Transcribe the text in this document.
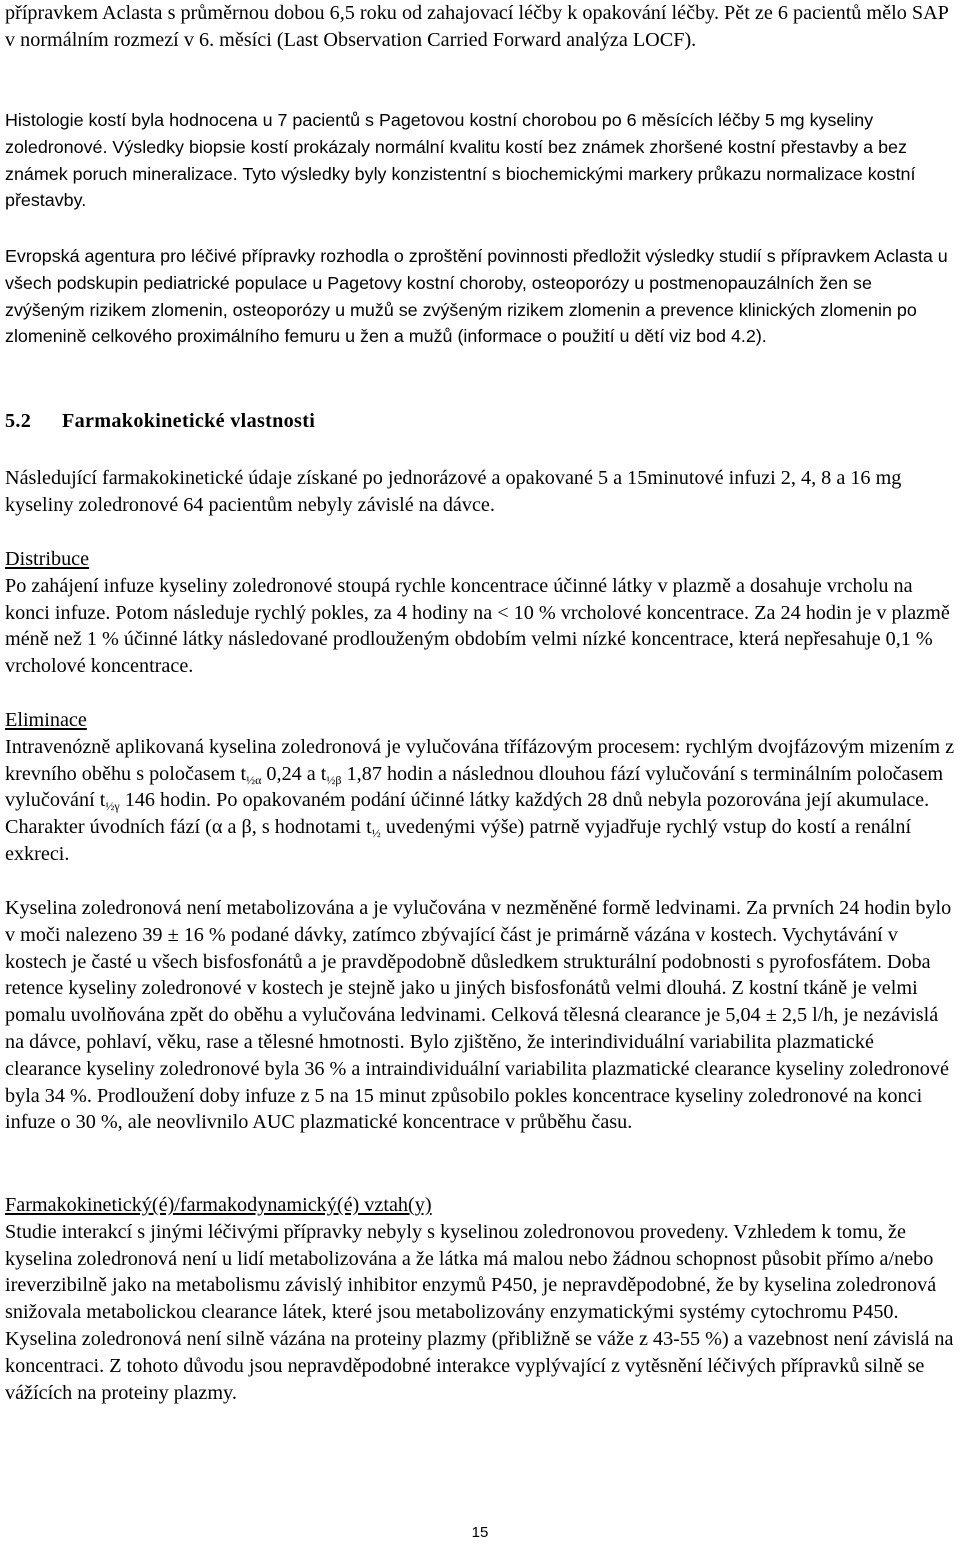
přípravkem Aclasta s průměrnou dobou 6,5 roku od zahajovací léčby k opakování léčby. Pět ze 6 pacientů mělo SAP v normálním rozmezí v 6. měsíci (Last Observation Carried Forward analýza LOCF).

Histologie kostí byla hodnocena u 7 pacientů s Pagetovou kostní chorobou po 6 měsících léčby 5 mg kyseliny zoledronové. Výsledky biopsie kostí prokázaly normální kvalitu kostí bez známek zhoršené kostní přestavby a bez známek poruch mineralizace. Tyto výsledky byly konzistentní s biochemickými markery průkazu normalizace kostní přestavby.

Evropská agentura pro léčivé přípravky rozhodla o zproštění povinnosti předložit výsledky studií s přípravkem Aclasta u všech podskupin pediatrické populace u Pagetovy kostní choroby, osteoporózy u postmenopauzálních žen se zvýšeným rizikem zlomenin, osteoporózy u mužů se zvýšeným rizikem zlomenin a prevence klinických zlomenin po zlomenině celkového proximálního femuru u žen a mužů (informace o použití u dětí viz bod 4.2).

5.2 Farmakokinetické vlastnosti

Následující farmakokinetické údaje získané po jednorázové a opakované 5 a 15minutové infuzi 2, 4, 8 a 16 mg kyseliny zoledronové 64 pacientům nebyly závislé na dávce.

Distribuce
Po zahájení infuze kyseliny zoledronové stoupá rychle koncentrace účinné látky v plazmě a dosahuje vrcholu na konci infuze. Potom následuje rychlý pokles, za 4 hodiny na < 10 % vrcholové koncentrace. Za 24 hodin je v plazmě méně než 1 % účinné látky následované prodlouženým obdobím velmi nízké koncentrace, která nepřesahuje 0,1 % vrcholové koncentrace.
Eliminace
Intravenózně aplikovaná kyselina zoledronová je vylučována třífázovým procesem: rychlým dvojfázovým mizením z krevního oběhu s poločasem $t_{\frac{1}{2}\alpha}$ 0,24 a $t_{\frac{1}{2}\beta}$ 1,87 hodin a následnou dlouhou fází vylučování s terminálním poločasem vylučování $t_{\frac{1}{2}\gamma}$ 146 hodin. Po opakovaném podání účinné látky každých 28 dnů nebyla pozorována její akumulace. Charakter úvodních fází (α a β, s hodnotami $t_{\frac{1}{2}}$ uvedenými výše) patrně vyjadřuje rychlý vstup do kostí a renální exkreci.

Kyselina zoledronová není metabolizována a je vylučována v nezměněné formě ledvinami. Za prvních 24 hodin bylo v moči nalezeno 39 ± 16 % podané dávky, zatímco zbývající část je primárně vázána v kostech. Vychytávání v kostech je časté u všech bisfosfonátů a je pravděpodobně důsledkem strukturální podobnosti s pyrofosfátem. Doba retence kyseliny zoledronové v kostech je stejně jako u jiných bisfosfonátů velmi dlouhá. Z kostní tkáně je velmi pomalu uvolňována zpět do oběhu a vylučována ledvinami. Celková tělesná clearance je 5,04 ± 2,5 l/h, je nezávislá na dávce, pohlaví, věku, rase a tělesné hmotnosti. Bylo zjištěno, že interindividuální variabilita plazmatické clearance kyseliny zoledronové byla 36 % a intraindividuální variabilita plazmatické clearance kyseliny zoledronové byla 34 %. Prodloužení doby infuze z 5 na 15 minut způsobilo pokles koncentrace kyseliny zoledronové na konci infuze o 30 %, ale neovlivnilo AUC plazmatické koncentrace v průběhu času.

Farmakokinetický(é)/farmakodynamický(é) vztah(y)
Studie interakcí s jinými léčivými přípravky nebyly s kyselinou zoledronovou provedeny. Vzhledem k tomu, že kyselina zoledronová není u lidí metabolizována a že látka má malou nebo žádnou schopnost působit přímo a/nebo ireverzibilně jako na metabolismu závislý inhibitor enzymů P450, je nepravděpodobné, že by kyselina zoledronová snižovala metabolickou clearance látek, které jsou metabolizovány enzymatickými systémy cytochromu P450. Kyselina zoledronová není silně vázána na proteiny plazmy (přibližně se váže z 43-55 %) a vazebnost není závislá na koncentraci. Z tohoto důvodu jsou nepravděpodobné interakce vyplývající z vytěsnění léčivých přípravků silně se vážících na proteiny plazmy.
15
